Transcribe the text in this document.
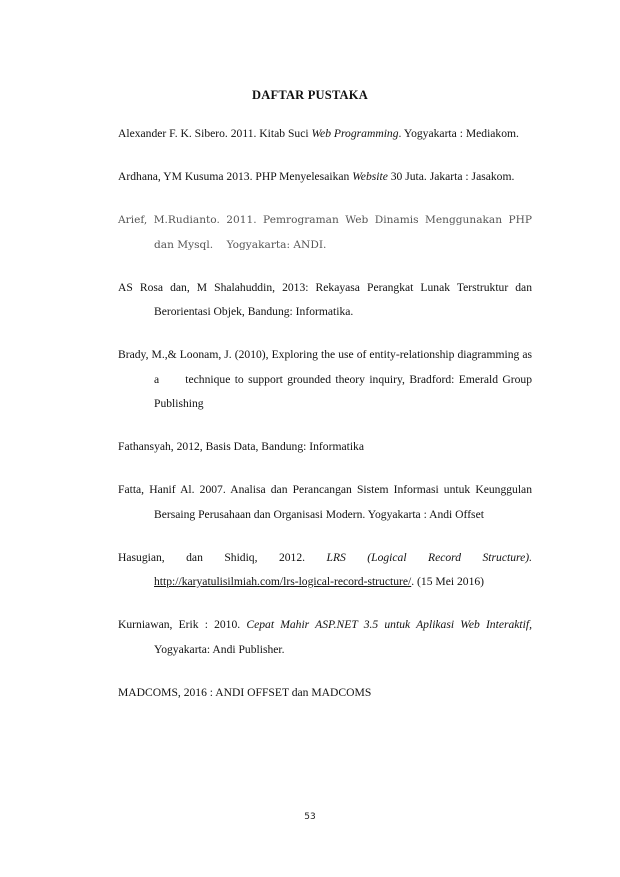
DAFTAR PUSTAKA

Alexander F. K. Sibero. 2011. Kitab Suci Web Programming. Yogyakarta : Mediakom.

Ardhana, YM Kusuma 2013. PHP Menyelesaikan Website 30 Juta. Jakarta : Jasakom.

Arief, M.Rudianto. 2011. Pemrograman Web Dinamis Menggunakan PHP dan Mysql.    Yogyakarta: ANDI.

AS Rosa dan, M Shalahuddin, 2013: Rekayasa Perangkat Lunak Terstruktur dan Berorientasi Objek, Bandung: Informatika.

Brady, M.,& Loonam, J. (2010), Exploring the use of entity-relationship diagramming as a      technique to support grounded theory inquiry, Bradford: Emerald Group Publishing

Fathansyah, 2012, Basis Data, Bandung: Informatika

Fatta, Hanif Al. 2007. Analisa dan Perancangan Sistem Informasi untuk Keunggulan Bersaing Perusahaan dan Organisasi Modern. Yogyakarta : Andi Offset

Hasugian, dan Shidiq, 2012. LRS (Logical Record Structure). http://karyatulisilmiah.com/lrs-logical-record-structure/. (15 Mei 2016)

Kurniawan, Erik : 2010. Cepat Mahir ASP.NET 3.5 untuk Aplikasi Web Interaktif, Yogyakarta: Andi Publisher.

MADCOMS, 2016 : ANDI OFFSET dan MADCOMS

53
